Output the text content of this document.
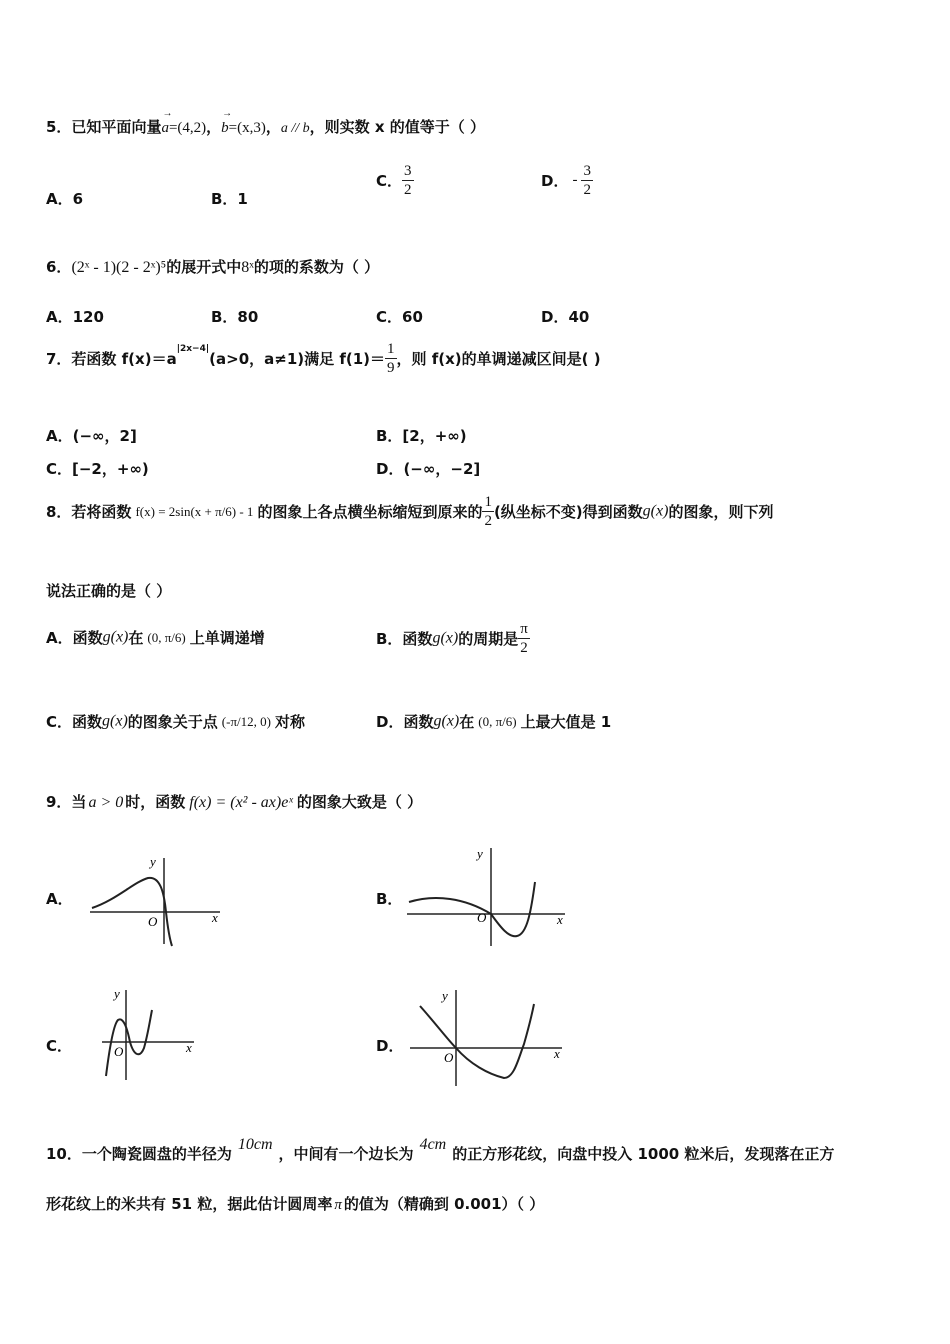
5．已知平面向量
→
a=(4,2)，
→
b=(x,3)，a // b，则实数 x 的值等于（ ）
A．6	B．1
C． $\frac{3}{2}$	D． - $\frac{3}{2}$
6．(2ˣ - 1)(2 - 2ˣ)⁵的展开式中8ˣ的项的系数为（ ）
A．120	B．80	C．60	D．40
7．若函数 $f(x)=a^{|2x-4|}(a>0$，a≠1)满足 $f(1)= \frac{1}{9}$ ，则 f(x)的单调递减区间是( )
A．(−∞，2]	B．[2，+∞)
C．[−2，+∞)	D．(−∞，−2]
8．若将函数 f(x) = 2sin(x + π/6) - 1 的图象上各点横坐标缩短到原来的 $\frac{1}{2}$ (纵坐标不变)得到函数g(x)的图象，则下列
说法正确的是（ ）
A．函数g(x)在 (0, π/6) 上单调递增	B．函数g(x)的周期是 $\frac{\pi}{2}$
C．函数g(x)的图象关于点 (-π/12, 0) 对称	D．函数g(x)在 (0, π/6) 上最大值是 1
9．当 a > 0 时，函数 f(x) = (x² - ax)eˣ 的图象大致是（ ）
A．	B．
C．	D．
y
x
O
y
x
O
y
x
O
y
x
O
10．一个陶瓷圆盘的半径为10cm，中间有一个边长为4cm的正方形花纹，向盘中投入 1000 粒米后，发现落在正方
形花纹上的米共有 51 粒，据此估计圆周率 π 的值为（精确到 0.001）（ ）
